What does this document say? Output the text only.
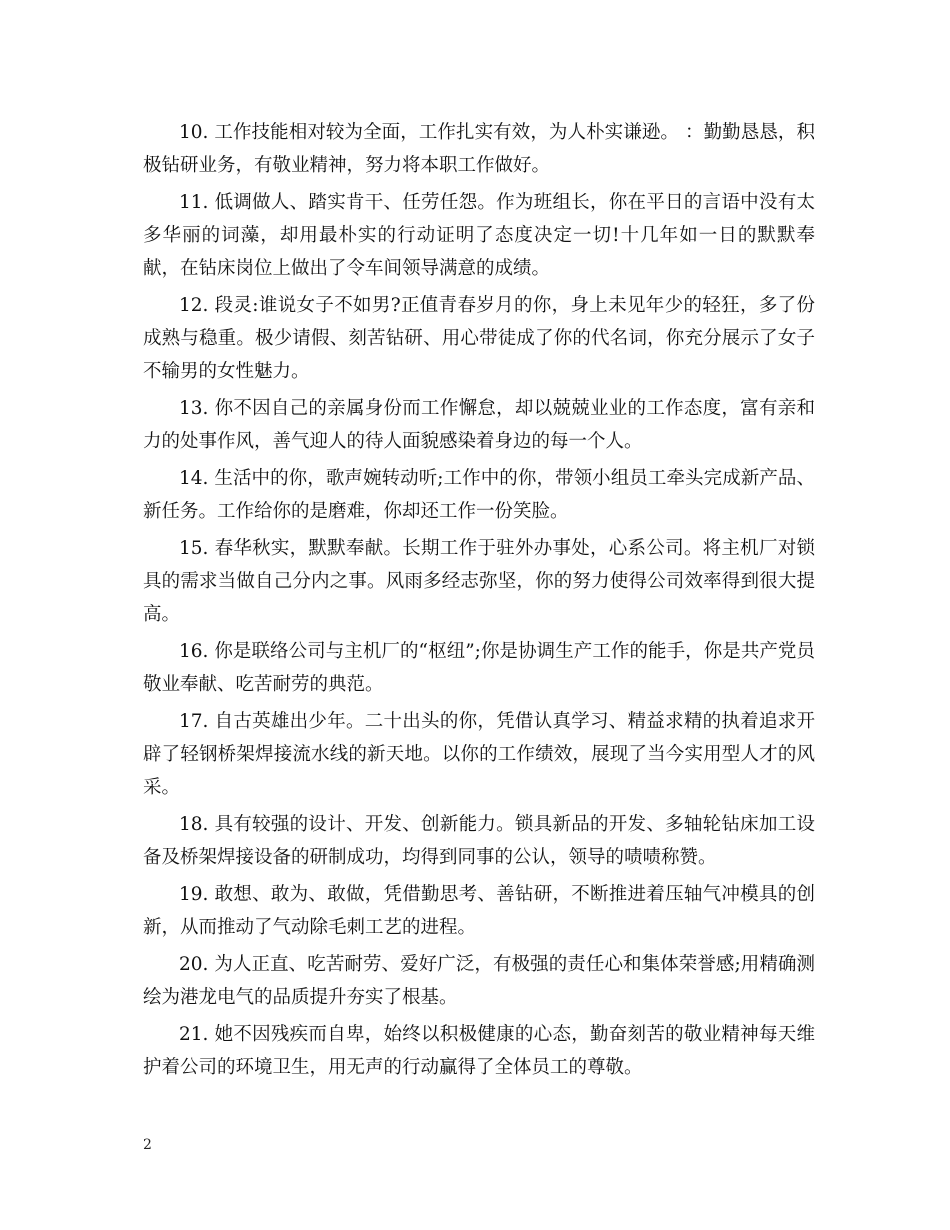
10. 工作技能相对较为全面，工作扎实有效，为人朴实谦逊。 ：勤勤恳恳，积极钻研业务，有敬业精神，努力将本职工作做好。

11. 低调做人、踏实肯干、任劳任怨。作为班组长，你在平日的言语中没有太多华丽的词藻，却用最朴实的行动证明了态度决定一切!十几年如一日的默默奉献，在钻床岗位上做出了令车间领导满意的成绩。

12. 段灵:谁说女子不如男?正值青春岁月的你，身上未见年少的轻狂，多了份成熟与稳重。极少请假、刻苦钻研、用心带徒成了你的代名词，你充分展示了女子不输男的女性魅力。

13. 你不因自己的亲属身份而工作懈怠，却以兢兢业业的工作态度，富有亲和力的处事作风，善气迎人的待人面貌感染着身边的每一个人。

14. 生活中的你，歌声婉转动听;工作中的你，带领小组员工牵头完成新产品、新任务。工作给你的是磨难，你却还工作一份笑脸。

15. 春华秋实，默默奉献。长期工作于驻外办事处，心系公司。将主机厂对锁具的需求当做自己分内之事。风雨多经志弥坚，你的努力使得公司效率得到很大提高。

16. 你是联络公司与主机厂的“枢纽”;你是协调生产工作的能手，你是共产党员敬业奉献、吃苦耐劳的典范。

17. 自古英雄出少年。二十出头的你，凭借认真学习、精益求精的执着追求开辟了轻钢桥架焊接流水线的新天地。以你的工作绩效，展现了当今实用型人才的风采。

18. 具有较强的设计、开发、创新能力。锁具新品的开发、多轴轮钻床加工设备及桥架焊接设备的研制成功，均得到同事的公认，领导的啧啧称赞。

19. 敢想、敢为、敢做，凭借勤思考、善钻研，不断推进着压轴气冲模具的创新，从而推动了气动除毛刺工艺的进程。

20. 为人正直、吃苦耐劳、爱好广泛，有极强的责任心和集体荣誉感;用精确测绘为港龙电气的品质提升夯实了根基。

21. 她不因残疾而自卑，始终以积极健康的心态，勤奋刻苦的敬业精神每天维护着公司的环境卫生，用无声的行动赢得了全体员工的尊敬。

2
